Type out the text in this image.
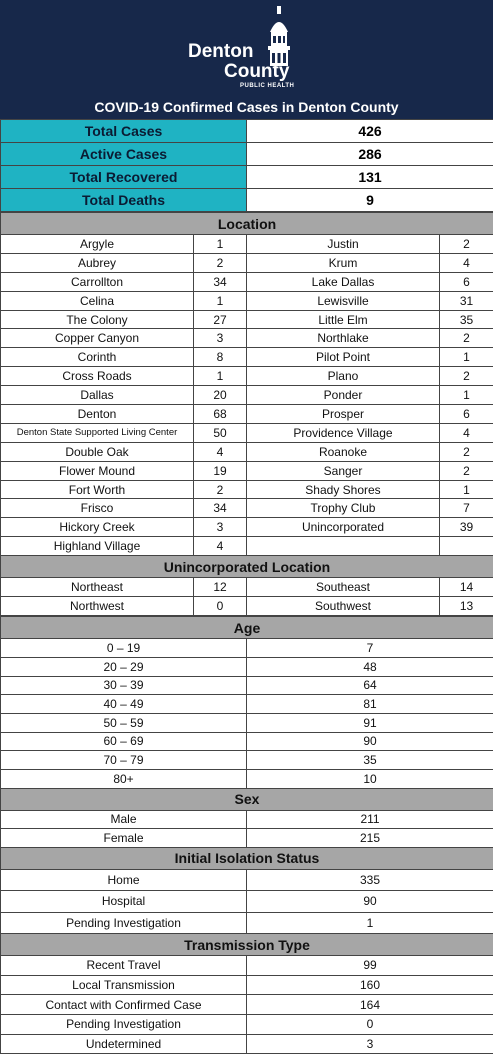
Denton
County
PUBLIC HEALTH
COVID-19 Confirmed Cases in Denton County
Total Cases	426
Active Cases	286
Total Recovered	131
Total Deaths	9
Location			
Argyle	1	Justin	2
Aubrey	2	Krum	4
Carrollton	34	Lake Dallas	6
Celina	1	Lewisville	31
The Colony	27	Little Elm	35
Copper Canyon	3	Northlake	2
Corinth	8	Pilot Point	1
Cross Roads	1	Plano	2
Dallas	20	Ponder	1
Denton	68	Prosper	6
Denton State Supported Living Center	50	Providence Village	4
Double Oak	4	Roanoke	2
Flower Mound	19	Sanger	2
Fort Worth	2	Shady Shores	1
Frisco	34	Trophy Club	7
Hickory Creek	3	Unincorporated	39
Highland Village	4		
Unincorporated Location			
Northeast	12	Southeast	14
Northwest	0	Southwest	13
Age	
0 – 19	7
20 – 29	48
30 – 39	64
40 – 49	81
50 – 59	91
60 – 69	90
70 – 79	35
80+	10
Sex	
Male	211
Female	215
Initial Isolation Status	
Home	335
Hospital	90
Pending Investigation	1
Transmission Type	
Recent Travel	99
Local Transmission	160
Contact with Confirmed Case	164
Pending Investigation	0
Undetermined	3
